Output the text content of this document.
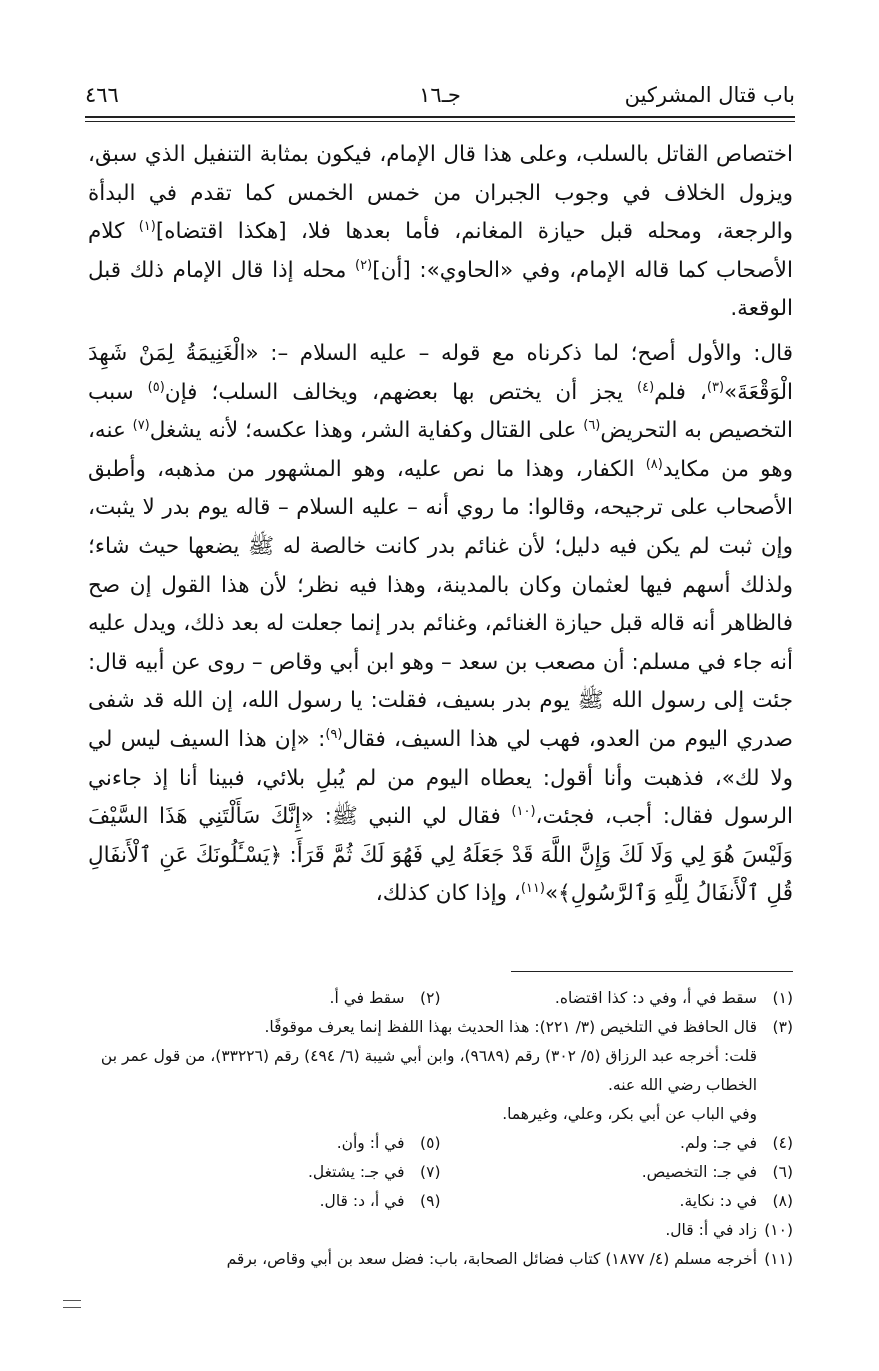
باب قتال المشركين
جـ١٦
٤٦٦

اختصاص القاتل بالسلب، وعلى هذا قال الإمام، فيكون بمثابة التنفيل الذي سبق، ويزول الخلاف في وجوب الجبران من خمس الخمس كما تقدم في البدأة والرجعة، ومحله قبل حيازة المغانم، فأما بعدها فلا، [هكذا اقتضاه]$^{(١)}$ كلام الأصحاب كما قاله الإمام، وفي «الحاوي»: [أن]$^{(٢)}$ محله إذا قال الإمام ذلك قبل الوقعة.

قال: والأول أصح؛ لما ذكرناه مع قوله – عليه السلام –: «الْغَنِيمَةُ لِمَنْ شَهِدَ الْوَقْعَةَ»$^{(٣)}$، فلم$^{(٤)}$ يجز أن يختص بها بعضهم، ويخالف السلب؛ فإن$^{(٥)}$ سبب التخصيص به التحريض$^{(٦)}$ على القتال وكفاية الشر، وهذا عكسه؛ لأنه يشغل$^{(٧)}$ عنه، وهو من مكايد$^{(٨)}$ الكفار، وهذا ما نص عليه، وهو المشهور من مذهبه، وأطبق الأصحاب على ترجيحه، وقالوا: ما روي أنه – عليه السلام – قاله يوم بدر لا يثبت، وإن ثبت لم يكن فيه دليل؛ لأن غنائم بدر كانت خالصة له ﷺ يضعها حيث شاء؛ ولذلك أسهم فيها لعثمان وكان بالمدينة، وهذا فيه نظر؛ لأن هذا القول إن صح فالظاهر أنه قاله قبل حيازة الغنائم، وغنائم بدر إنما جعلت له بعد ذلك، ويدل عليه أنه جاء في مسلم: أن مصعب بن سعد – وهو ابن أبي وقاص – روى عن أبيه قال: جئت إلى رسول الله ﷺ يوم بدر بسيف، فقلت: يا رسول الله، إن الله قد شفى صدري اليوم من العدو، فهب لي هذا السيف، فقال$^{(٩)}$: «إن هذا السيف ليس لي ولا لك»، فذهبت وأنا أقول: يعطاه اليوم من لم يُبلِ بلائي، فبينا أنا إذ جاءني الرسول فقال: أجب، فجئت،$^{(١٠)}$ فقال لي النبي ﷺ: «إِنَّكَ سَأَلْتَنِي هَذَا السَّيْفَ وَلَيْسَ هُوَ لِي وَلَا لَكَ وَإِنَّ اللَّهَ قَدْ جَعَلَهُ لِي فَهُوَ لَكَ ثُمَّ قَرَأَ: ﴿يَسْـَٔلُونَكَ عَنِ ٱلْأَنفَالِ قُلِ ٱلْأَنفَالُ لِلَّهِ وَٱلرَّسُولِ﴾»$^{(١١)}$، وإذا كان كذلك،

(١)
سقط في أ، وفي د: كذا اقتضاه.
(٢)
سقط في أ.
(٣)
قال الحافظ في التلخيص (٣/ ٢٢١): هذا الحديث بهذا اللفظ إنما يعرف موقوفًا.
قلت: أخرجه عبد الرزاق (٥/ ٣٠٢) رقم (٩٦٨٩)، وابن أبي شيبة (٦/ ٤٩٤) رقم (٣٣٢٢٦)، من قول عمر بن الخطاب رضي الله عنه.
وفي الباب عن أبي بكر، وعلي، وغيرهما.
(٤)
في جـ: ولم.
(٥)
في أ: وأن.
(٦)
في جـ: التخصيص.
(٧)
في جـ: يشتغل.
(٨)
في د: نكاية.
(٩)
في أ، د: قال.
(١٠)
زاد في أ: قال.
(١١)
أخرجه مسلم (٤/ ١٨٧٧) كتاب فضائل الصحابة، باب: فضل سعد بن أبي وقاص، برقم
